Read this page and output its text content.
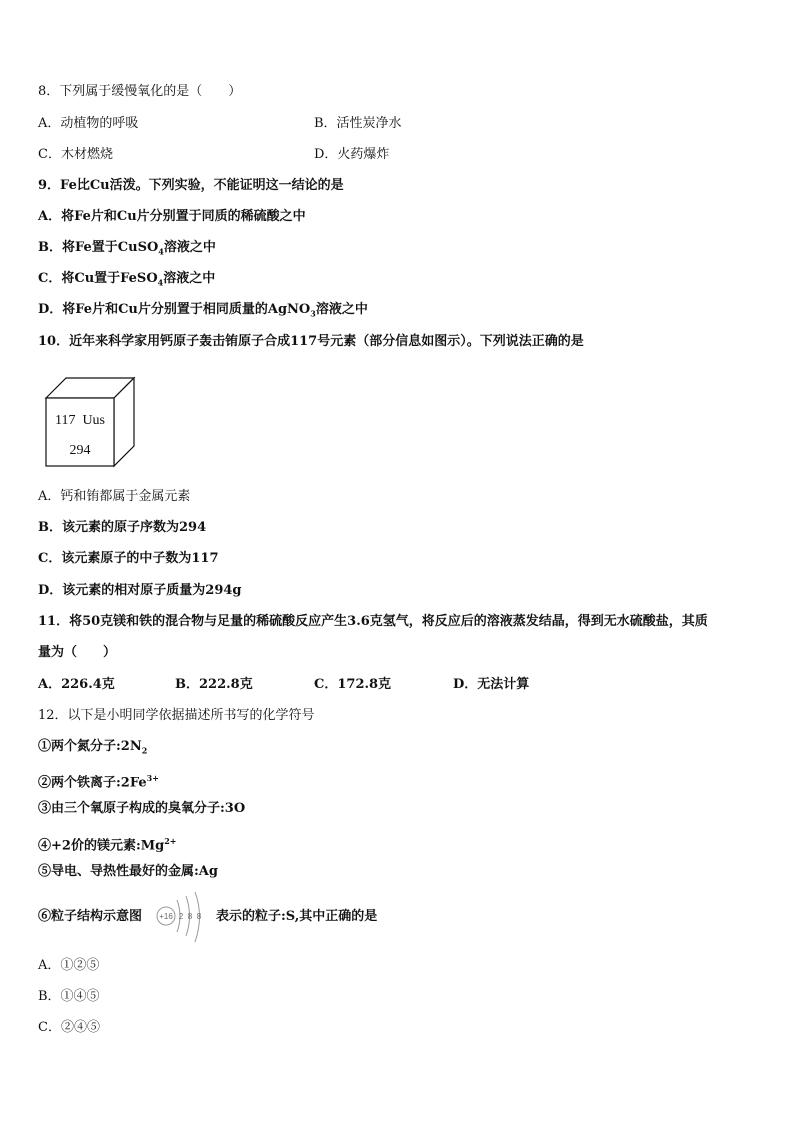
8．下列属于缓慢氧化的是（　　）
A．动植物的呼吸	B．活性炭净水
C．木材燃烧	D．火药爆炸
9．Fe比Cu活泼。下列实验，不能证明这一结论的是
A．将Fe片和Cu片分别置于同质的稀硫酸之中
B．将Fe置于CuSO$_4$溶液之中
C．将Cu置于FeSO$_4$溶液之中
D．将Fe片和Cu片分别置于相同质量的AgNO$_3$溶液之中
10．近年来科学家用钙原子轰击铕原子合成117号元素（部分信息如图示）。下列说法正确的是
117  Uus
294
A．钙和铕都属于金属元素
B．该元素的原子序数为294
C．该元素原子的中子数为117
D．该元素的相对原子质量为294g
11．将50克镁和铁的混合物与足量的稀硫酸反应产生3.6克氢气，将反应后的溶液蒸发结晶，得到无水硫酸盐，其质
量为（　　）
A．226.4克	B．222.8克	C．172.8克	D．无法计算
12．以下是小明同学依据描述所书写的化学符号
①两个氮分子$:2N_2$
②两个铁离子$:2Fe^{3+}$
③由三个氧原子构成的臭氧分子:3O
④+2价的镁元素$:Mg^{2+}$
⑤导电、导热性最好的金属:Ag
⑥粒子结构示意图 +16 2 8 8 表示的粒子:S,其中正确的是
A．①②⑤
B．①④⑤
C．②④⑤
